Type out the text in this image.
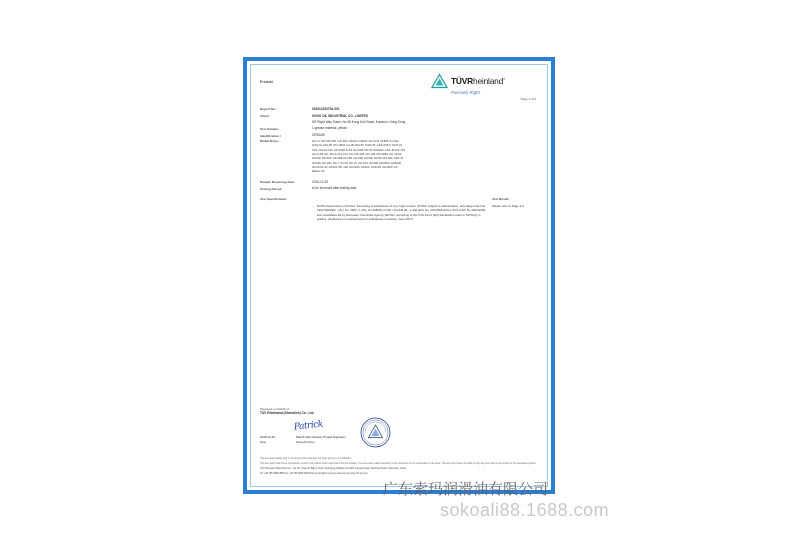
Produkt	TÜVRheinland®
Precisely Right.
Page 1 of 9
Report No.:	0184122537So 001
Client:	SOHO OIL INDUSTRIAL CO., LIMITED
5/F Right Way Tower, No.38 Kong Koh Road, Kowloon, Hong Kong
Test Sample:	1 grease material, yellow
Identification /	GREASE
Model No(s).:	GK-11 GK-515-001 GK-202 GK200 GK001 GK-02-5 GHMP-01-302
GSQ-5x-002-85 001-3802 GJ-08-004-55 GSM-05 GKS-005-5 GKH-01
SX2-101-01-611 GF-0206-N-02 GN-095-GN-51-S01E04 GSC-B-101-123
GK-S-06 GK-146-4-211-013 GK-016-185 GK-138-016-0084 GK-10-02
GK200 SK-063 GK-088-01-005 GK-026 GK009 GK08-113-002 GK5-11
GK026 GK-001 GK-7 01-05 GK-21 GK-021 GK448 GK0003 GK8200
GK30-51-03 GK000 SK-100 GK2366 GK002 GK3003 GK1200 GK
Elastic 02
Sample Receiving date:	2018-12-20
Testing Period:	to be informed after testing date
Test Specification:	Test Result:
-	RoHS Assessment of Articles: Screening of substances of very high concern (SVHC) subject to authorisation, according to EU No. 1907/2006/EC - (SL) No. 2902 / L.(SL) No.348/99 (1-XIII) / No.845.28 - it and (EU) No. 2017/999 Annex XVII of EC No 1907/2006 and candidates list by European Chemicals Agency (ECHA), according to the 8.19.10.01 (EU) Declaration rules to SVHC(s) in articles. (Guidance on requirements for substances in articles, June 2017)
Please refer to Page 2-9
Prepared on behalf of
TÜV Rheinland (Shenzhen) Co., Ltd.
Patrick
2018-12-26	Patrick Wan (Deputy Project Engineer)
Date	Name/Position
This test report relates only to the item(s) tested and does not imply any form of certification.
This test report shall not be reproduced, except in full, without written approval of the test institute. The test results relate exclusively to the specimens on the examination in the issue. This test report does not entitle to carry any test mark on the product or the associated product.
TÜV Rheinland (Shenzhen) Co., Ltd. 9/F, Tower B, Bldg 3, Dazu Technology Building, No.1001 Xueyuan Road, Nanshan District, Shenzhen, China
Tel: +86 755 3688 6888 Fax: +86 755 3688 6000 Mail: service@chn.tuv.com www.tuv.com www.chn.tuv.com
广东索玛润滑油有限公司
sokoali88.1688.com
